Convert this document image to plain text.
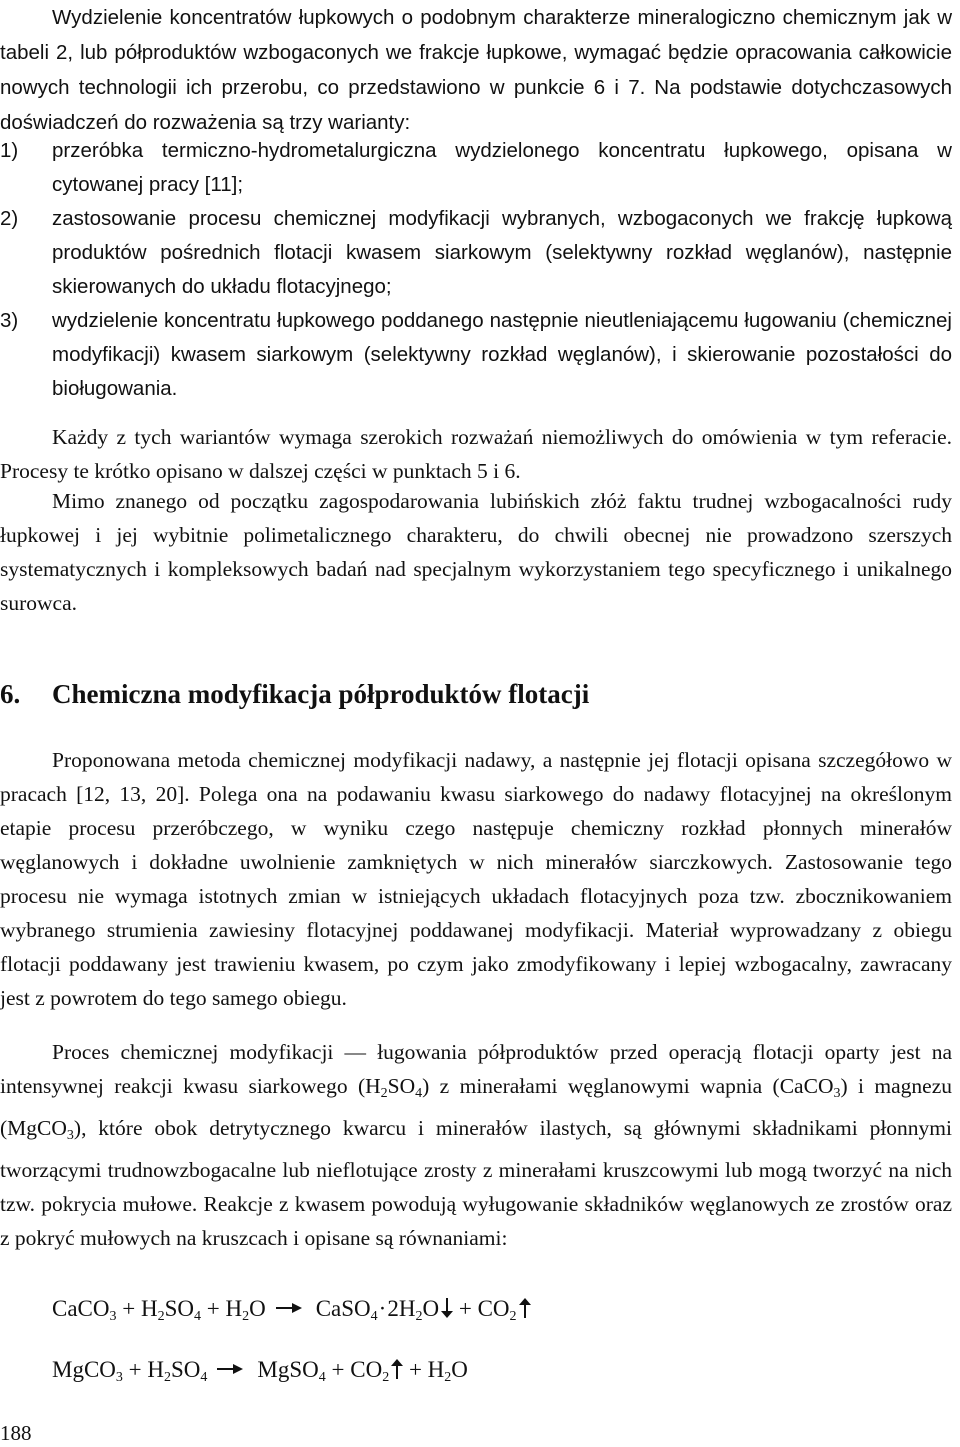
Wydzielenie koncentratów łupkowych o podobnym charakterze mineralogiczno chemicznym jak w tabeli 2, lub półproduktów wzbogaconych we frakcje łupkowe, wymagać będzie opracowania całkowicie nowych technologii ich przerobu, co przedstawiono w punkcie 6 i 7. Na podstawie dotychczasowych doświadczeń do rozważenia są trzy warianty:

1) przeróbka termiczno-hydrometalurgiczna wydzielonego koncentratu łupkowego, opisana w cytowanej pracy [11];
2) zastosowanie procesu chemicznej modyfikacji wybranych, wzbogaconych we frakcję łupkową produktów pośrednich flotacji kwasem siarkowym (selektywny rozkład węglanów), następnie skierowanych do układu flotacyjnego;
3) wydzielenie koncentratu łupkowego poddanego następnie nieutleniającemu ługowaniu (chemicznej modyfikacji) kwasem siarkowym (selektywny rozkład węglanów), i skierowanie pozostałości do bioługowania.

Każdy z tych wariantów wymaga szerokich rozważań niemożliwych do omówienia w tym referacie. Procesy te krótko opisano w dalszej części w punktach 5 i 6.

Mimo znanego od początku zagospodarowania lubińskich złóż faktu trudnej wzbogacalności rudy łupkowej i jej wybitnie polimetalicznego charakteru, do chwili obecnej nie prowadzono szerszych systematycznych i kompleksowych badań nad specjalnym wykorzystaniem tego specyficznego i unikalnego surowca.

6. Chemiczna modyfikacja półproduktów flotacji

Proponowana metoda chemicznej modyfikacji nadawy, a następnie jej flotacji opisana szczegółowo w pracach [12, 13, 20]. Polega ona na podawaniu kwasu siarkowego do nadawy flotacyjnej na określonym etapie procesu przeróbczego, w wyniku czego następuje chemiczny rozkład płonnych minerałów węglanowych i dokładne uwolnienie zamkniętych w nich minerałów siarczkowych. Zastosowanie tego procesu nie wymaga istotnych zmian w istniejących układach flotacyjnych poza tzw. zbocznikowaniem wybranego strumienia zawiesiny flotacyjnej poddawanej modyfikacji. Materiał wyprowadzany z obiegu flotacji poddawany jest trawieniu kwasem, po czym jako zmodyfikowany i lepiej wzbogacalny, zawracany jest z powrotem do tego samego obiegu.

Proces chemicznej modyfikacji — ługowania półproduktów przed operacją flotacji oparty jest na intensywnej reakcji kwasu siarkowego $(H_2SO_4)$ z minerałami węglanowymi wapnia (CaCO$_3$) i magnezu (MgCO$_3$), które obok detrytycznego kwarcu i minerałów ilastych, są głównymi składnikami płonnymi tworzącymi trudnowzbogacalne lub nieflotujące zrosty z minerałami kruszcowymi lub mogą tworzyć na nich tzw. pokrycia mułowe. Reakcje z kwasem powodują wyługowanie składników węglanowych ze zrostów oraz z pokryć mułowych na kruszcach i opisane są równaniami:

CaCO$_3$ + $H_2SO_4 + H_2O$ $CaSO_4\cdot 2H_2O + CO_2$
MgCO$_3$ + $H_2SO_4$ MgSO$_4$ + $CO_2 + H_2O$
188
